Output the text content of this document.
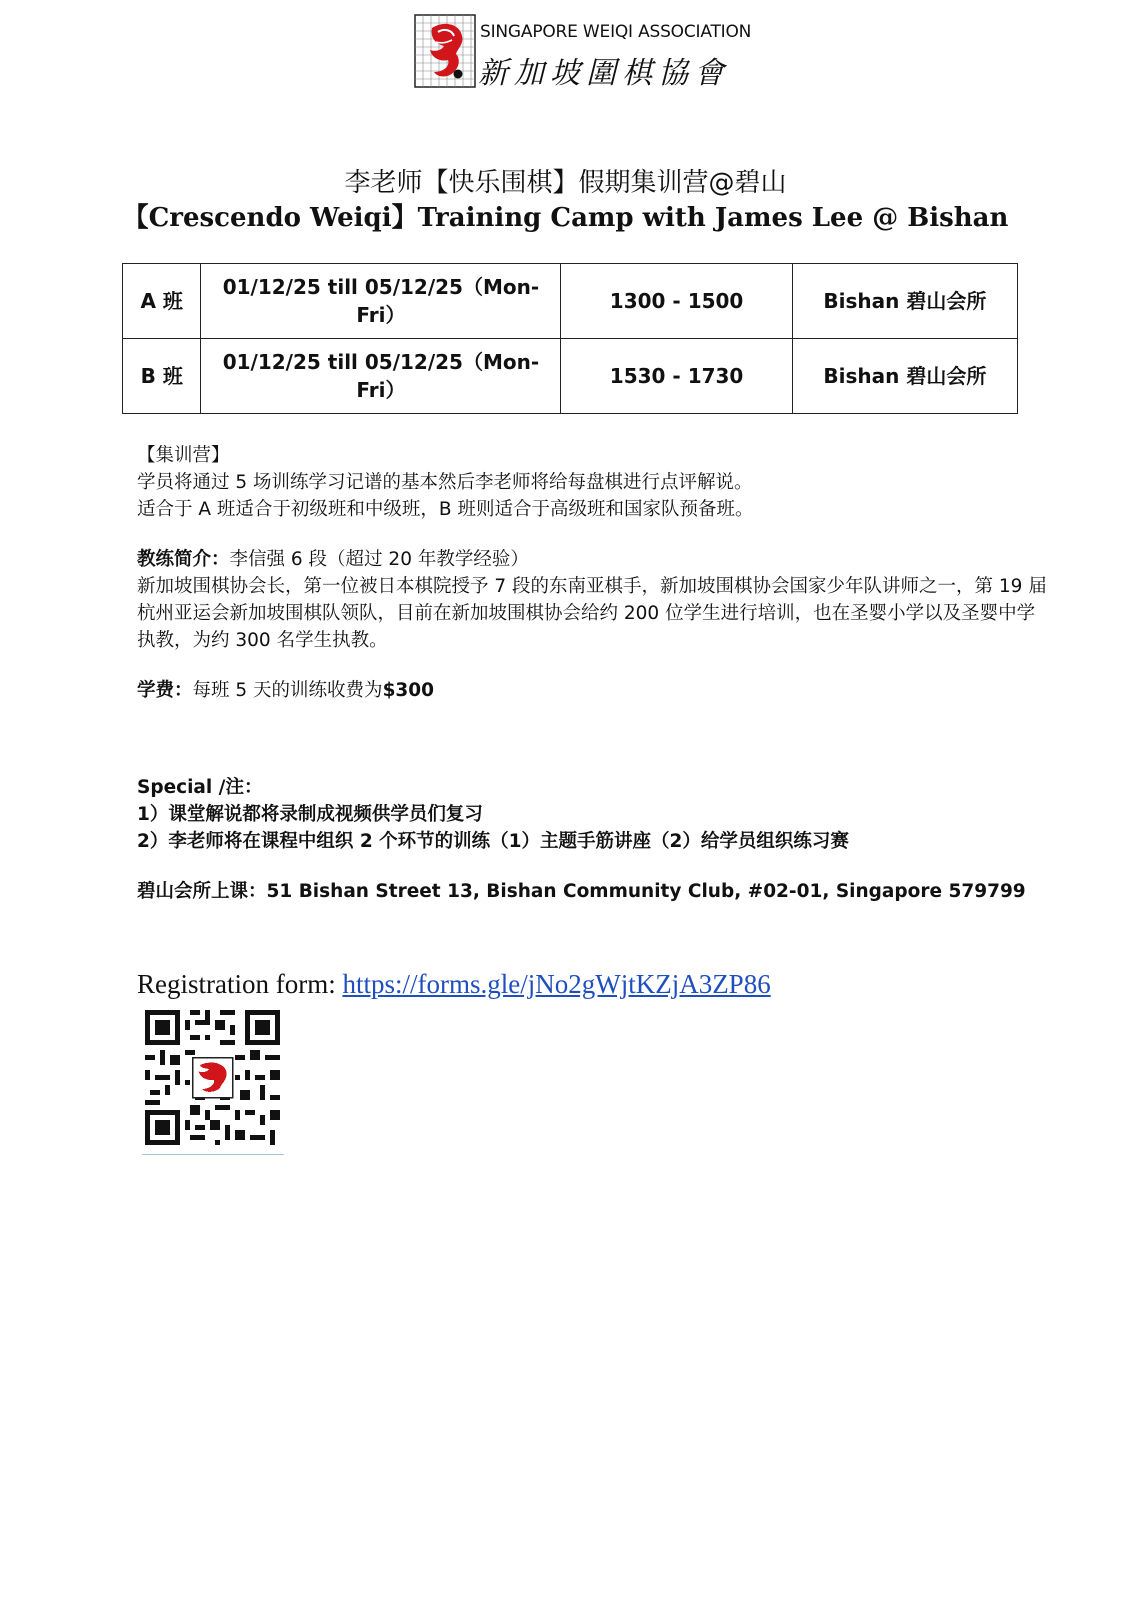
SINGAPORE WEIQI ASSOCIATION
新加坡圍棋協會
李老师【快乐围棋】假期集训营@碧山
【Crescendo Weiqi】Training Camp with James Lee @ Bishan
A 班	01/12/25 till 05/12/25（Mon-Fri）	1300 - 1500	Bishan 碧山会所
B 班	01/12/25 till 05/12/25（Mon-Fri）	1530 - 1730	Bishan 碧山会所

【集训营】

学员将通过 5 场训练学习记谱的基本然后李老师将给每盘棋进行点评解说。

适合于 A 班适合于初级班和中级班，B 班则适合于高级班和国家队预备班。

教练简介：李信强 6 段（超过 20 年教学经验）

新加坡围棋协会长，第一位被日本棋院授予 7 段的东南亚棋手，新加坡围棋协会国家少年队讲师之一，第 19 届杭州亚运会新加坡围棋队领队，目前在新加坡围棋协会给约 200 位学生进行培训，也在圣婴小学以及圣婴中学执教，为约 300 名学生执教。

学费：每班 5 天的训练收费为$300

Special /注：

1）课堂解说都将录制成视频供学员们复习

2）李老师将在课程中组织 2 个环节的训练（1）主题手筋讲座（2）给学员组织练习赛

碧山会所上课：51 Bishan Street 13, Bishan Community Club, #02-01, Singapore 579799

Registration form: https://forms.gle/jNo2gWjtKZjA3ZP86
